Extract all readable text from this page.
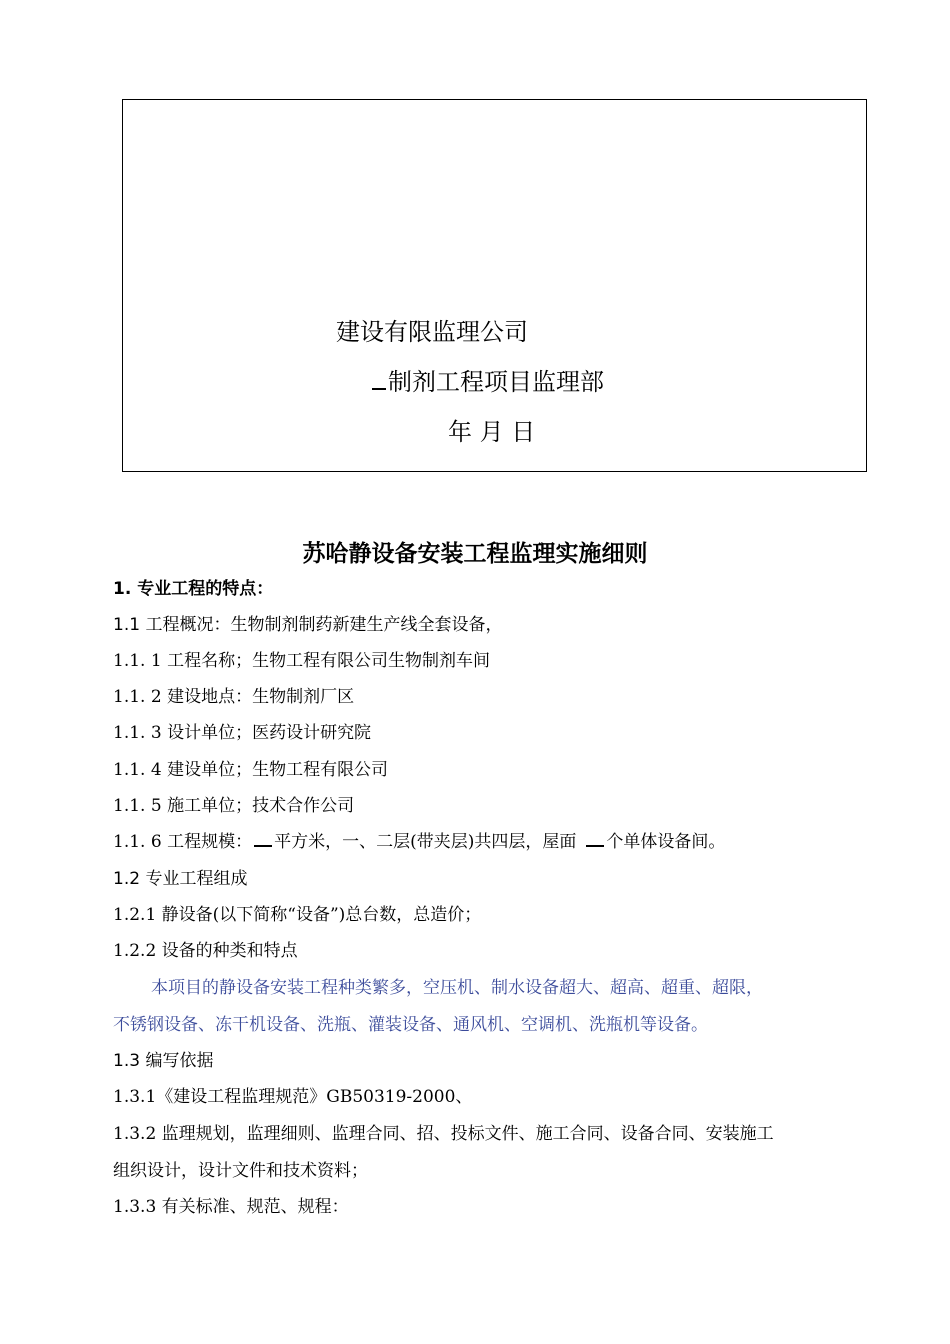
建设有限监理公司
制剂工程项目监理部
年 月 日
苏哈静设备安装工程监理实施细则
1. 专业工程的特点：
1.1 工程概况：生物制剂制药新建生产线全套设备，
1.1. 1 工程名称；生物工程有限公司生物制剂车间
1.1. 2 建设地点：生物制剂厂区
1.1. 3 设计单位；医药设计研究院
1.1. 4 建设单位；生物工程有限公司
1.1. 5 施工单位；技术合作公司
1.1. 6 工程规模： 平方米，一、二层(带夹层)共四层，屋面 个单体设备间。
1.2 专业工程组成
1.2.1 静设备(以下简称“设备”)总台数，总造价；
1.2.2 设备的种类和特点
本项目的静设备安装工程种类繁多，空压机、制水设备超大、超高、超重、超限，
不锈钢设备、冻干机设备、洗瓶、灌装设备、通风机、空调机、洗瓶机等设备。
1.3 编写依据
1.3.1《建设工程监理规范》GB50319-2000、
1.3.2 监理规划，监理细则、监理合同、招、投标文件、施工合同、设备合同、安装施工
组织设计，设计文件和技术资料；
1.3.3 有关标准、规范、规程：
